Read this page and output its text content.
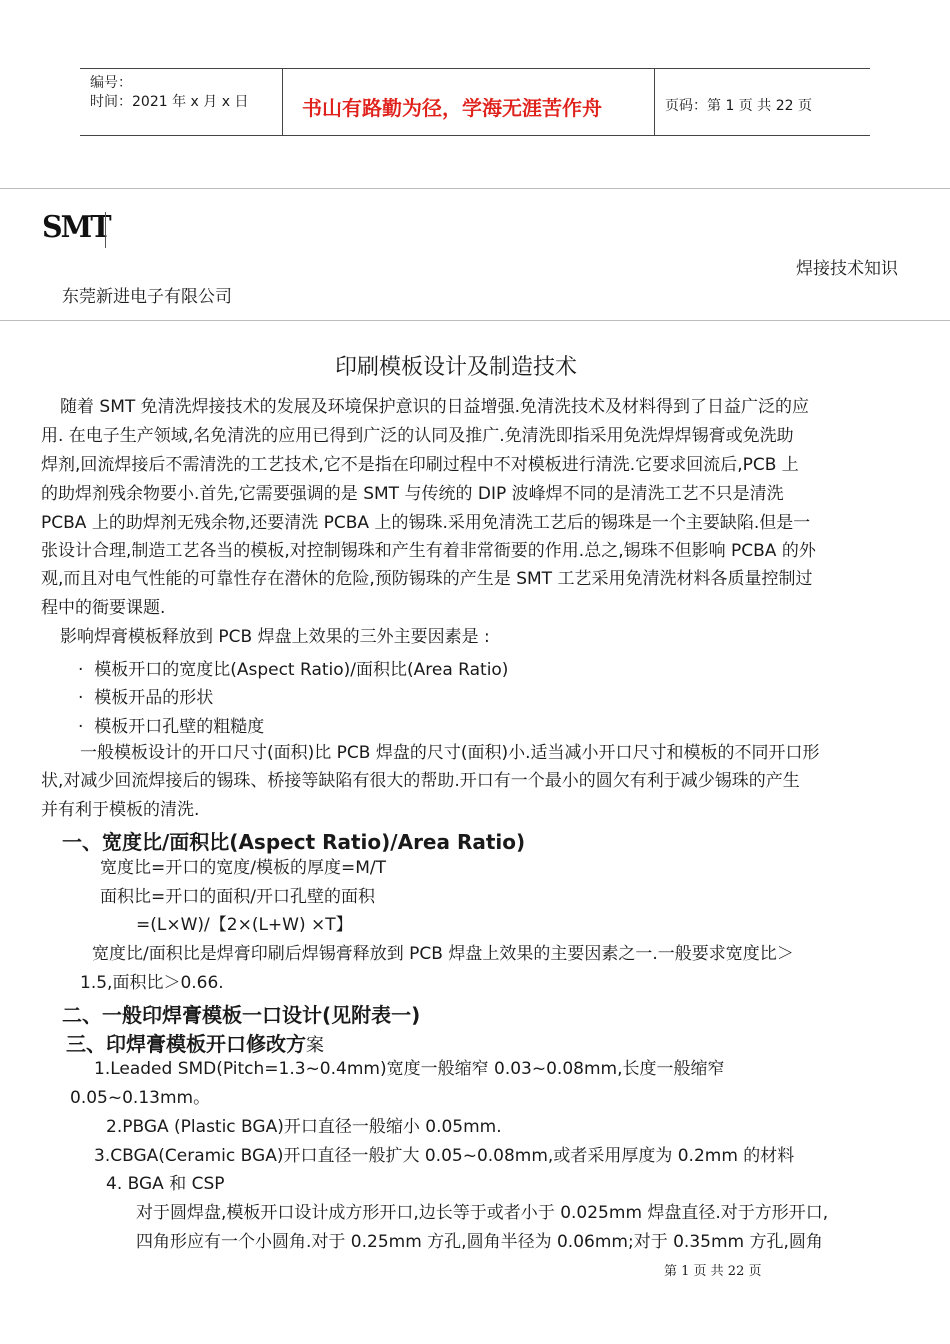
编号：
时间：2021 年 x 月 x 日	书山有路勤为径，学海无涯苦作舟	页码：第 1 页 共 22 页
SMT
焊接技术知识
东莞新进电子有限公司
印刷模板设计及制造技术
随着 SMT 免清洗焊接技术的发展及环境保护意识的日益增强.免清洗技术及材料得到了日益广泛的应
用. 在电子生产领域,名免清洗的应用已得到广泛的认同及推广.免清洗即指采用免洗焊焊锡膏或免洗助
焊剂,回流焊接后不需清洗的工艺技术,它不是指在印刷过程中不对模板进行清洗.它要求回流后,PCB 上
的助焊剂残余物要小.首先,它需要强调的是 SMT 与传统的 DIP 波峰焊不同的是清洗工艺不只是清洗
PCBA 上的助焊剂无残余物,还要清洗 PCBA 上的锡珠.采用免清洗工艺后的锡珠是一个主要缺陷.但是一
张设计合理,制造工艺各当的模板,对控制锡珠和产生有着非常衙要的作用.总之,锡珠不但影响 PCBA 的外
观,而且对电气性能的可靠性存在潜休的危险,预防锡珠的产生是 SMT 工艺采用免清洗材料各质量控制过
程中的衙要课题.
影响焊膏模板释放到 PCB 焊盘上效果的三外主要因素是 :
·  模板开口的宽度比(Aspect Ratio)/面积比(Area Ratio)
·  模板开品的形状
·  模板开口孔壁的粗糙度
一般模板设计的开口尺寸(面积)比 PCB 焊盘的尺寸(面积)小.适当减小开口尺寸和模板的不同开口形
状,对减少回流焊接后的锡珠、桥接等缺陷有很大的帮助.开口有一个最小的圆欠有利于减少锡珠的产生
并有利于模板的清洗.
一、宽度比/面积比(Aspect Ratio)/Area Ratio)
宽度比=开口的宽度/模板的厚度=M/T
面积比=开口的面积/开口孔壁的面积
=(L×W)/【2×(L+W) ×T】
宽度比/面积比是焊膏印刷后焊锡膏释放到 PCB 焊盘上效果的主要因素之一.一般要求宽度比＞
1.5,面积比＞0.66.
二、一般印焊膏模板一口设计(见附表一)
三、印焊膏模板开口修改方案
1.Leaded SMD(Pitch=1.3~0.4mm)宽度一般缩窄 0.03~0.08mm,长度一般缩窄
0.05~0.13mm。
2.PBGA (Plastic BGA)开口直径一般缩小 0.05mm.
3.CBGA(Ceramic BGA)开口直径一般扩大 0.05~0.08mm,或者采用厚度为 0.2mm 的材料
4. BGA 和 CSP
对于圆焊盘,模板开口设计成方形开口,边长等于或者小于 0.025mm 焊盘直径.对于方形开口,
四角形应有一个小圆角.对于 0.25mm 方孔,圆角半径为 0.06mm;对于 0.35mm 方孔,圆角
第 1 页 共 22 页
